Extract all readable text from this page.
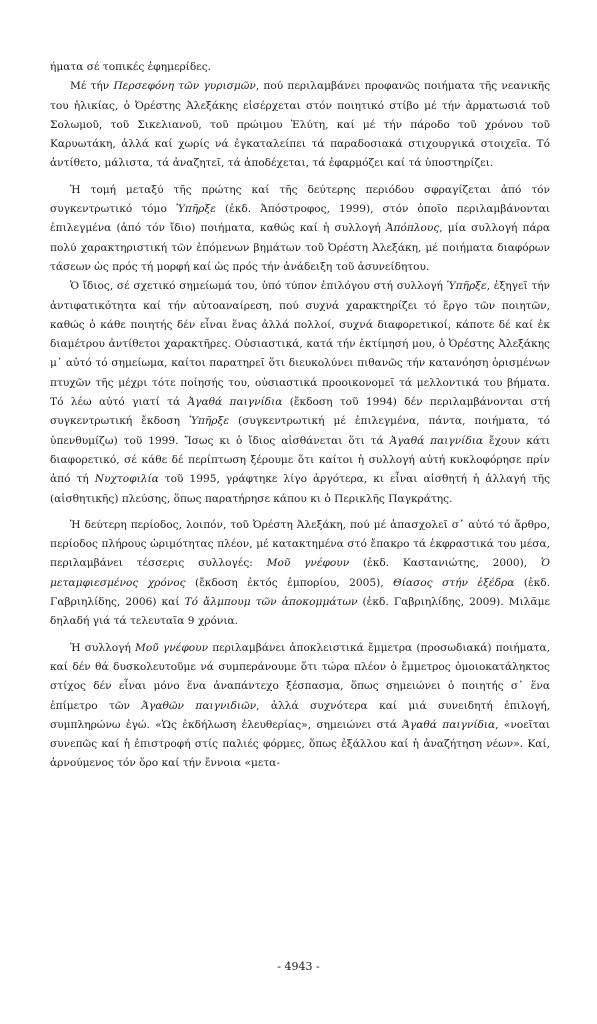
ήματα σέ τοπικές ἐφημερίδες.

Μέ τήν Περσεφόνη τῶν γυρισμῶν, πού περιλαμβάνει προφανῶς ποιήματα τῆς νεανικῆς του ἡλικίας, ὁ Ὀρέστης Ἀλεξάκης εἰσέρχεται στόν ποιητικό στίβο μέ τήν ἁρματωσιά τοῦ Σολωμοῦ, τοῦ Σικελιανοῦ, τοῦ πρώιμου Ἐλύτη, καί μέ τήν πάροδο τοῦ χρόνου τοῦ Καρυωτάκη, ἀλλά καί χωρίς νά ἐγκαταλείπει τά παραδοσιακά στιχουργικά στοιχεῖα. Τό ἀντίθετο, μάλιστα, τά ἀναζητεῖ, τά ἀποδέχεται, τά ἐφαρμόζει καί τά ὑποστηρίζει.

Ἡ τομή μεταξύ τῆς πρώτης καί τῆς δεύτερης περιόδου σφραγίζεται ἀπό τόν συγκεντρωτικό τόμο Ὑπῆρξε (ἐκδ. Ἀπόστροφος, 1999), στόν ὁποῖο περιλαμβάνονται ἐπιλεγμένα (ἀπό τόν ἴδιο) ποιήματα, καθώς καί ἡ συλλογή Ἀπόπλους, μία συλλογή πάρα πολύ χαρακτηριστική τῶν ἑπόμενων βημάτων τοῦ Ὀρέστη Ἀλεξάκη, μέ ποιήματα διαφόρων τάσεων ὡς πρός τή μορφή καί ὡς πρός τήν ἀνάδειξη τοῦ ἀσυνείδητου.

Ὁ ἴδιος, σέ σχετικό σημείωμά του, ὑπό τύπον ἐπιλόγου στή συλλογή Ὑπῆρξε, ἐξηγεῖ τήν ἀντιφατικότητα καί τήν αὐτοαναίρεση, πού συχνά χαρακτηρίζει τό ἔργο τῶν ποιητῶν, καθώς ὁ κάθε ποιητής δέν εἶναι ἕνας ἀλλά πολλοί, συχνά διαφορετικοί, κάποτε δέ καί ἐκ διαμέτρου ἀντίθετοι χαρακτῆρες. Οὐσιαστικά, κατά τήν ἐκτίμησή μου, ὁ Ὀρέστης Ἀλεξάκης μ᾽ αὐτό τό σημείωμα, καίτοι παρατηρεῖ ὅτι διευκολύνει πιθανῶς τήν κατανόηση ὁρισμένων πτυχῶν τῆς μέχρι τότε ποίησής του, οὐσιαστικά προοικονομεῖ τά μελλοντικά του βήματα. Τό λέω αὐτό γιατί τά Ἀγαθά παιγνίδια (ἔκδοση τοῦ 1994) δέν περιλαμβάνονται στή συγκεντρωτική ἔκδοση Ὑπῆρξε (συγκεντρωτική μέ ἐπιλεγμένα, πάντα, ποιήματα, τό ὑπενθυμίζω) τοῦ 1999. Ἴσως κι ὁ ἴδιος αἰσθάνεται ὅτι τά Ἀγαθά παιγνίδια ἔχουν κάτι διαφορετικό, σέ κάθε δέ περίπτωση ξέρουμε ὅτι καίτοι ἡ συλλογή αὐτή κυκλοφόρησε πρίν ἀπό τή Νυχτοφιλία τοῦ 1995, γράφτηκε λίγο ἀργότερα, κι εἶναι αἰσθητή ἡ ἀλλαγή τῆς (αἰσθητικῆς) πλεύσης, ὅπως παρατήρησε κάπου κι ὁ Περικλῆς Παγκράτης.

Ἡ δεύτερη περίοδος, λοιπόν, τοῦ Ὀρέστη Ἀλεξάκη, πού μέ ἀπασχολεῖ σ᾽ αὐτό τό ἄρθρο, περίοδος πλήρους ὡριμότητας πλέον, μέ κατακτημένα στό ἔπακρο τά ἐκφραστικά του μέσα, περιλαμβάνει τέσσερις συλλογές: Μοῦ γνέφουν (ἐκδ. Καστανιώτης, 2000), Ὁ μεταμφιεσμένος χρόνος (ἔκδοση ἐκτός ἐμπορίου, 2005), Θίασος στήν ἐξέδρα (ἐκδ. Γαβριηλίδης, 2006) καί Τό ἄλμπουμ τῶν ἀποκομμάτων (ἐκδ. Γαβριηλίδης, 2009). Μιλᾶμε δηλαδή γιά τά τελευταῖα 9 χρόνια.

Ἡ συλλογή Μοῦ γνέφουν περιλαμβάνει ἀποκλειστικά ἔμμετρα (προσωδιακά) ποιήματα, καί δέν θά δυσκολευτοῦμε νά συμπεράνουμε ὅτι τώρα πλέον ὁ ἔμμετρος ὁμοιοκατάληκτος στίχος δέν εἶναι μόνο ἕνα ἀναπάντεχο ξέσπασμα, ὅπως σημειώνει ὁ ποιητής σ᾽ ἕνα ἐπίμετρο τῶν Ἀγαθῶν παιγνιδιῶν, ἀλλά συχνότερα καί μιά συνειδητή ἐπιλογή, συμπληρώνω ἐγώ. «Ὡς ἐκδήλωση ἐλευθερίας», σημειώνει στά Ἀγαθά παιγνίδια, «νοεῖται συνεπῶς καί ἡ ἐπιστροφή στίς παλιές φόρμες, ὅπως ἐξάλλου καί ἡ ἀναζήτηση νέων». Καί, ἀρνούμενος τόν ὅρο καί τήν ἔννοια «μετα-

- 4943 -
